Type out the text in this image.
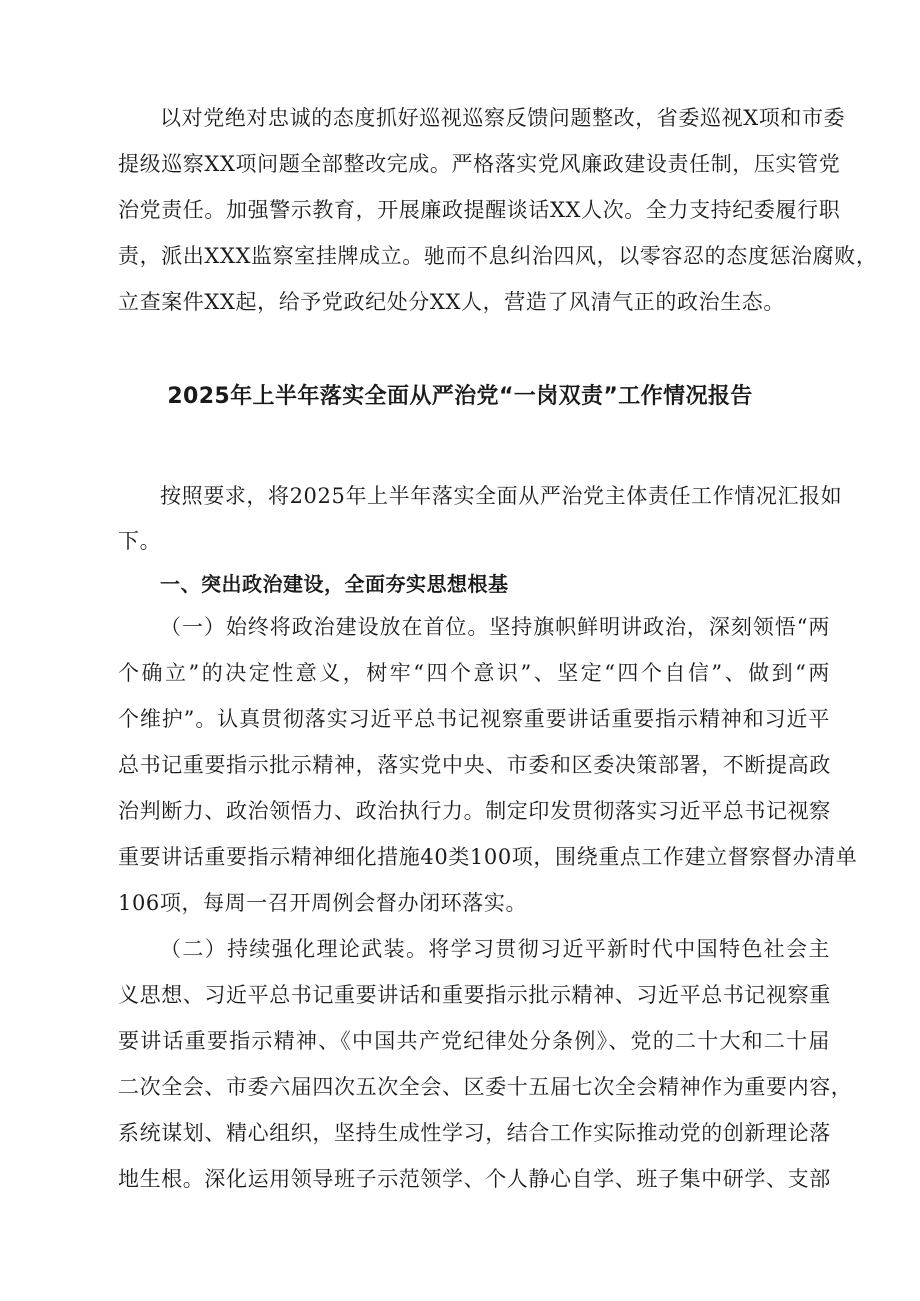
以对党绝对忠诚的态度抓好巡视巡察反馈问题整改，省委巡视X项和市委
提级巡察XX项问题全部整改完成。严格落实党风廉政建设责任制，压实管党
治党责任。加强警示教育，开展廉政提醒谈话XX人次。全力支持纪委履行职
责，派出XXX监察室挂牌成立。驰而不息纠治四风，以零容忍的态度惩治腐败，
立查案件XX起，给予党政纪处分XX人，营造了风清气正的政治生态。
2025年上半年落实全面从严治党“一岗双责”工作情况报告
按照要求，将2025年上半年落实全面从严治党主体责任工作情况汇报如
下。
一、突出政治建设，全面夯实思想根基
（一）始终将政治建设放在首位。坚持旗帜鲜明讲政治，深刻领悟“两
个确立”的决定性意义，树牢“四个意识”、坚定“四个自信”、做到“两
个维护”。认真贯彻落实习近平总书记视察重要讲话重要指示精神和习近平
总书记重要指示批示精神，落实党中央、市委和区委决策部署，不断提高政
治判断力、政治领悟力、政治执行力。制定印发贯彻落实习近平总书记视察
重要讲话重要指示精神细化措施40类100项，围绕重点工作建立督察督办清单
106项，每周一召开周例会督办闭环落实。
（二）持续强化理论武装。将学习贯彻习近平新时代中国特色社会主
义思想、习近平总书记重要讲话和重要指示批示精神、习近平总书记视察重
要讲话重要指示精神、《中国共产党纪律处分条例》、党的二十大和二十届
二次全会、市委六届四次五次全会、区委十五届七次全会精神作为重要内容，
系统谋划、精心组织，坚持生成性学习，结合工作实际推动党的创新理论落
地生根。深化运用领导班子示范领学、个人静心自学、班子集中研学、支部
